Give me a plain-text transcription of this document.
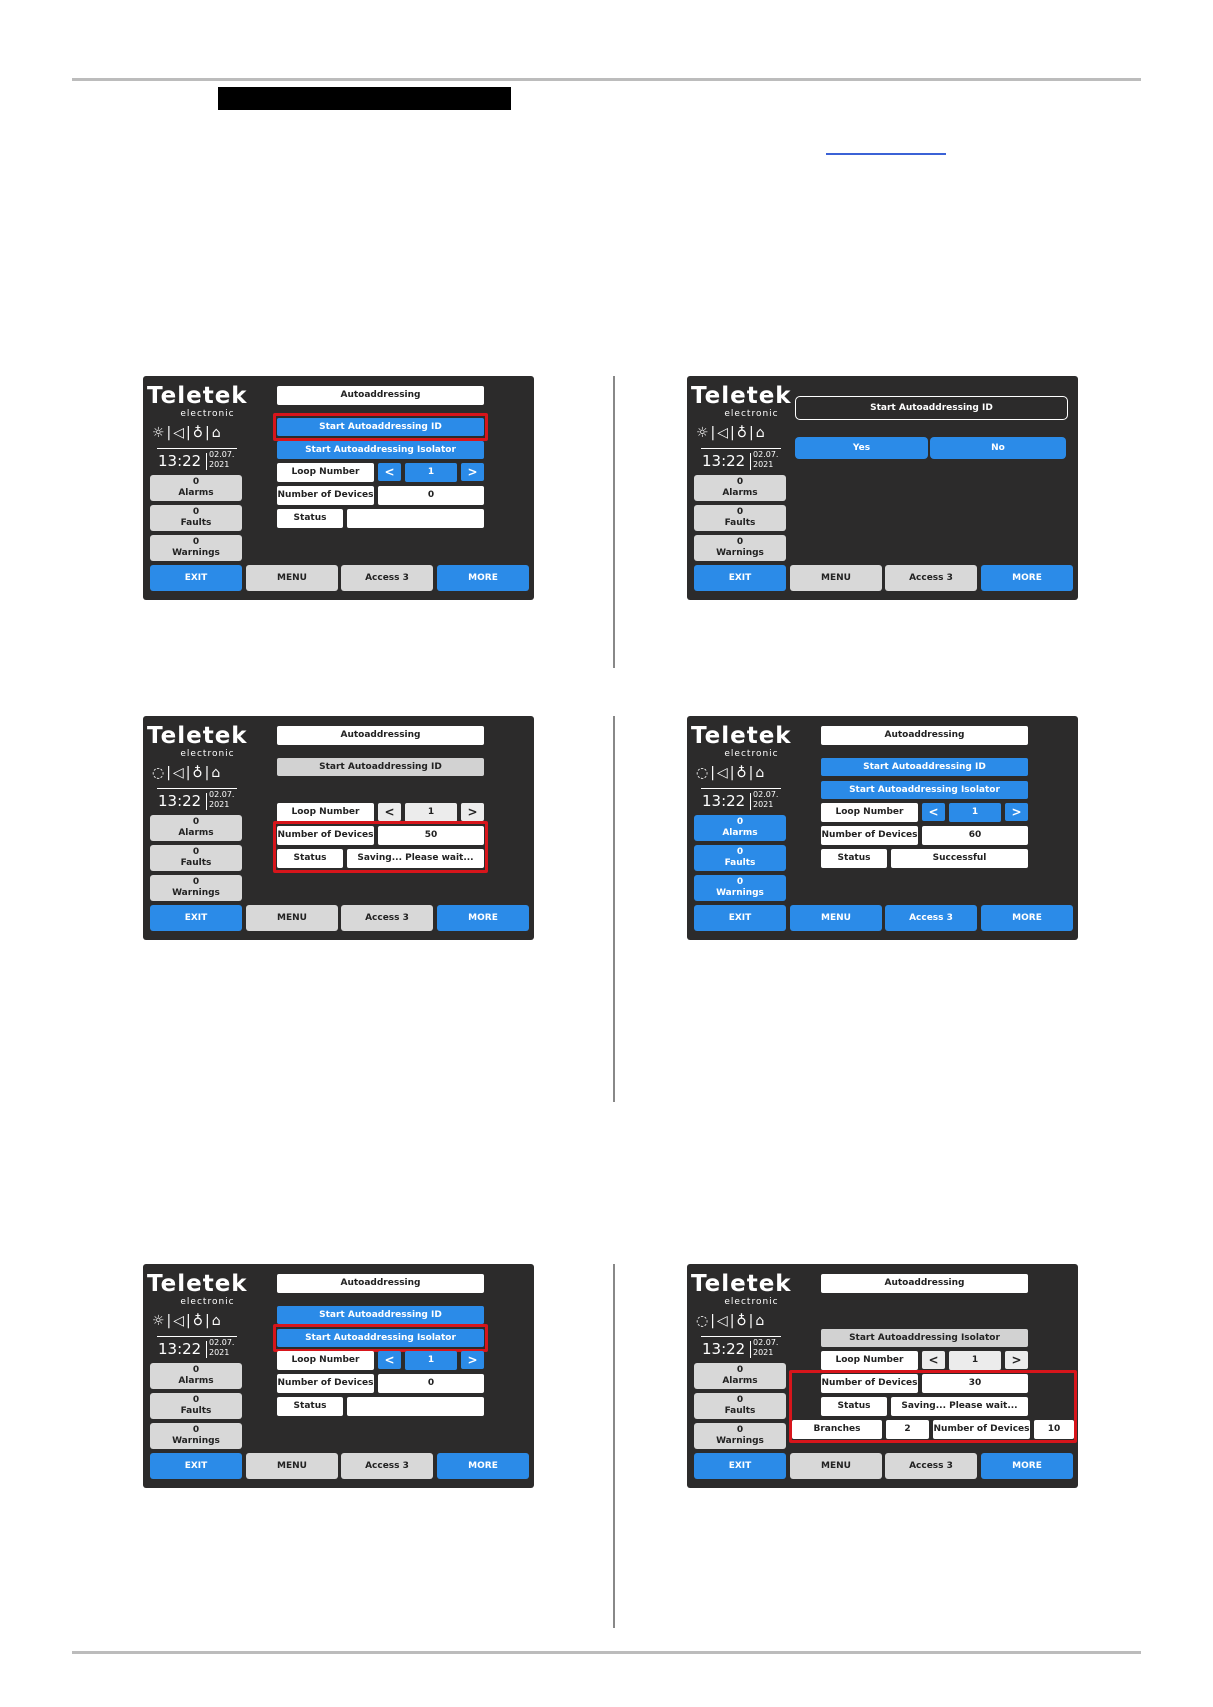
Teletek
electronic
☼|◁|♁|⌂
13:22 02.07.
2021
0
Alarms
0
Faults
0
Warnings
Autoaddressing
Start Autoaddressing ID
Start Autoaddressing Isolator
Loop Number	<	1	>
Number of Devices	0
Status
EXIT	MENU	Access 3	MORE
Teletek
electronic
☼|◁|♁|⌂
13:22 02.07.
2021
0
Alarms
0
Faults
0
Warnings
Start Autoaddressing ID
Yes	No
EXIT	MENU	Access 3	MORE
Teletek
electronic
◌|◁|♁|⌂
13:22 02.07.
2021
0
Alarms
0
Faults
0
Warnings
Autoaddressing
Start Autoaddressing ID
Loop Number	<	1	>
Number of Devices	50
Status	Saving... Please wait...
EXIT	MENU	Access 3	MORE
Teletek
electronic
◌|◁|♁|⌂
13:22 02.07.
2021
0
Alarms
0
Faults
0
Warnings
Autoaddressing
Start Autoaddressing ID
Start Autoaddressing Isolator
Loop Number	<	1	>
Number of Devices	60
Status	Successful
EXIT	MENU	Access 3	MORE
Teletek
electronic
☼|◁|♁|⌂
13:22 02.07.
2021
0
Alarms
0
Faults
0
Warnings
Autoaddressing
Start Autoaddressing ID
Start Autoaddressing Isolator
Loop Number	<	1	>
Number of Devices	0
Status
EXIT	MENU	Access 3	MORE
Teletek
electronic
◌|◁|♁|⌂
13:22 02.07.
2021
0
Alarms
0
Faults
0
Warnings
Autoaddressing
Start Autoaddressing Isolator
Loop Number	<	1	>
Number of Devices	30
Status	Saving... Please wait...
Branches	2	Number of Devices	10
EXIT	MENU	Access 3	MORE
